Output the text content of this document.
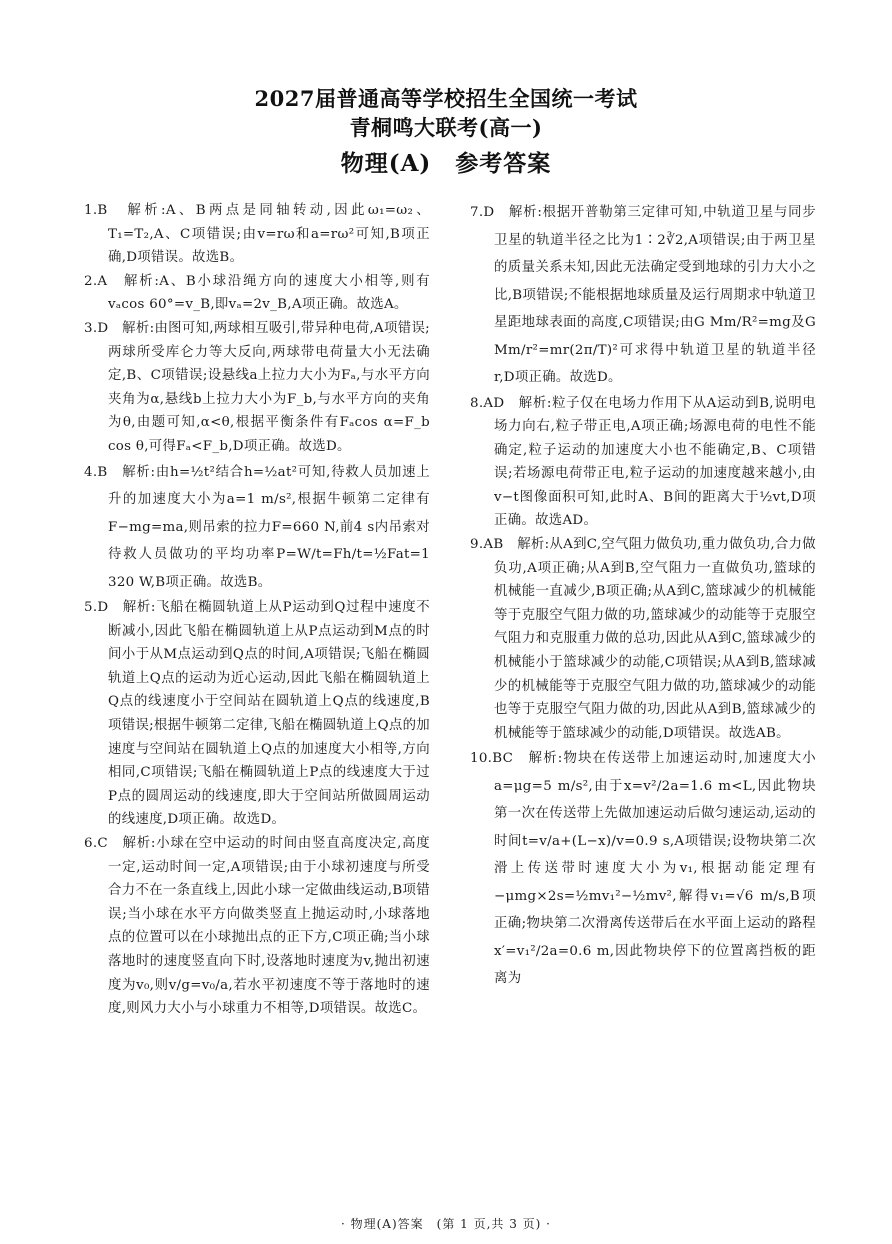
2027届普通高等学校招生全国统一考试
青桐鸣大联考(高一)
物理(A)　参考答案

1.B　解析:A、B两点是同轴转动,因此ω₁=ω₂、T₁=T₂,A、C项错误;由v=rω和a=rω²可知,B项正确,D项错误。故选B。

2.A　解析:A、B小球沿绳方向的速度大小相等,则有vₐcos 60°=v_B,即vₐ=2v_B,A项正确。故选A。

3.D　解析:由图可知,两球相互吸引,带异种电荷,A项错误;两球所受库仑力等大反向,两球带电荷量大小无法确定,B、C项错误;设悬线a上拉力大小为Fₐ,与水平方向夹角为α,悬线b上拉力大小为F_b,与水平方向的夹角为θ,由题可知,α<θ,根据平衡条件有Fₐcos α=F_b cos θ,可得Fₐ<F_b,D项正确。故选D。

4.B　解析:由h=½t²结合h=½at²可知,待救人员加速上升的加速度大小为a=1 m/s²,根据牛顿第二定律有F−mg=ma,则吊索的拉力F=660 N,前4 s内吊索对待救人员做功的平均功率P=W/t=Fh/t=½Fat=1 320 W,B项正确。故选B。

5.D　解析:飞船在椭圆轨道上从P运动到Q过程中速度不断减小,因此飞船在椭圆轨道上从P点运动到M点的时间小于从M点运动到Q点的时间,A项错误;飞船在椭圆轨道上Q点的运动为近心运动,因此飞船在椭圆轨道上Q点的线速度小于空间站在圆轨道上Q点的线速度,B项错误;根据牛顿第二定律,飞船在椭圆轨道上Q点的加速度与空间站在圆轨道上Q点的加速度大小相等,方向相同,C项错误;飞船在椭圆轨道上P点的线速度大于过P点的圆周运动的线速度,即大于空间站所做圆周运动的线速度,D项正确。故选D。

6.C　解析:小球在空中运动的时间由竖直高度决定,高度一定,运动时间一定,A项错误;由于小球初速度与所受合力不在一条直线上,因此小球一定做曲线运动,B项错误;当小球在水平方向做类竖直上抛运动时,小球落地点的位置可以在小球抛出点的正下方,C项正确;当小球落地时的速度竖直向下时,设落地时速度为v,抛出初速度为v₀,则v/g=v₀/a,若水平初速度不等于落地时的速度,则风力大小与小球重力不相等,D项错误。故选C。

7.D　解析:根据开普勒第三定律可知,中轨道卫星与同步卫星的轨道半径之比为1∶2∛2,A项错误;由于两卫星的质量关系未知,因此无法确定受到地球的引力大小之比,B项错误;不能根据地球质量及运行周期求中轨道卫星距地球表面的高度,C项错误;由G Mm/R²=mg及G Mm/r²=mr(2π/T)²可求得中轨道卫星的轨道半径r,D项正确。故选D。

8.AD　解析:粒子仅在电场力作用下从A运动到B,说明电场力向右,粒子带正电,A项正确;场源电荷的电性不能确定,粒子运动的加速度大小也不能确定,B、C项错误;若场源电荷带正电,粒子运动的加速度越来越小,由v−t图像面积可知,此时A、B间的距离大于½vt,D项正确。故选AD。

9.AB　解析:从A到C,空气阻力做负功,重力做负功,合力做负功,A项正确;从A到B,空气阻力一直做负功,篮球的机械能一直减少,B项正确;从A到C,篮球减少的机械能等于克服空气阻力做的功,篮球减少的动能等于克服空气阻力和克服重力做的总功,因此从A到C,篮球减少的机械能小于篮球减少的动能,C项错误;从A到B,篮球减少的机械能等于克服空气阻力做的功,篮球减少的动能也等于克服空气阻力做的功,因此从A到B,篮球减少的机械能等于篮球减少的动能,D项错误。故选AB。

10.BC　解析:物块在传送带上加速运动时,加速度大小a=μg=5 m/s²,由于x=v²/2a=1.6 m<L,因此物块第一次在传送带上先做加速运动后做匀速运动,运动的时间t=v/a+(L−x)/v=0.9 s,A项错误;设物块第二次滑上传送带时速度大小为v₁,根据动能定理有−μmg×2s=½mv₁²−½mv²,解得v₁=√6 m/s,B项正确;物块第二次滑离传送带后在水平面上运动的路程x′=v₁²/2a=0.6 m,因此物块停下的位置离挡板的距离为

· 物理(A)答案　(第 1 页,共 3 页) ·
